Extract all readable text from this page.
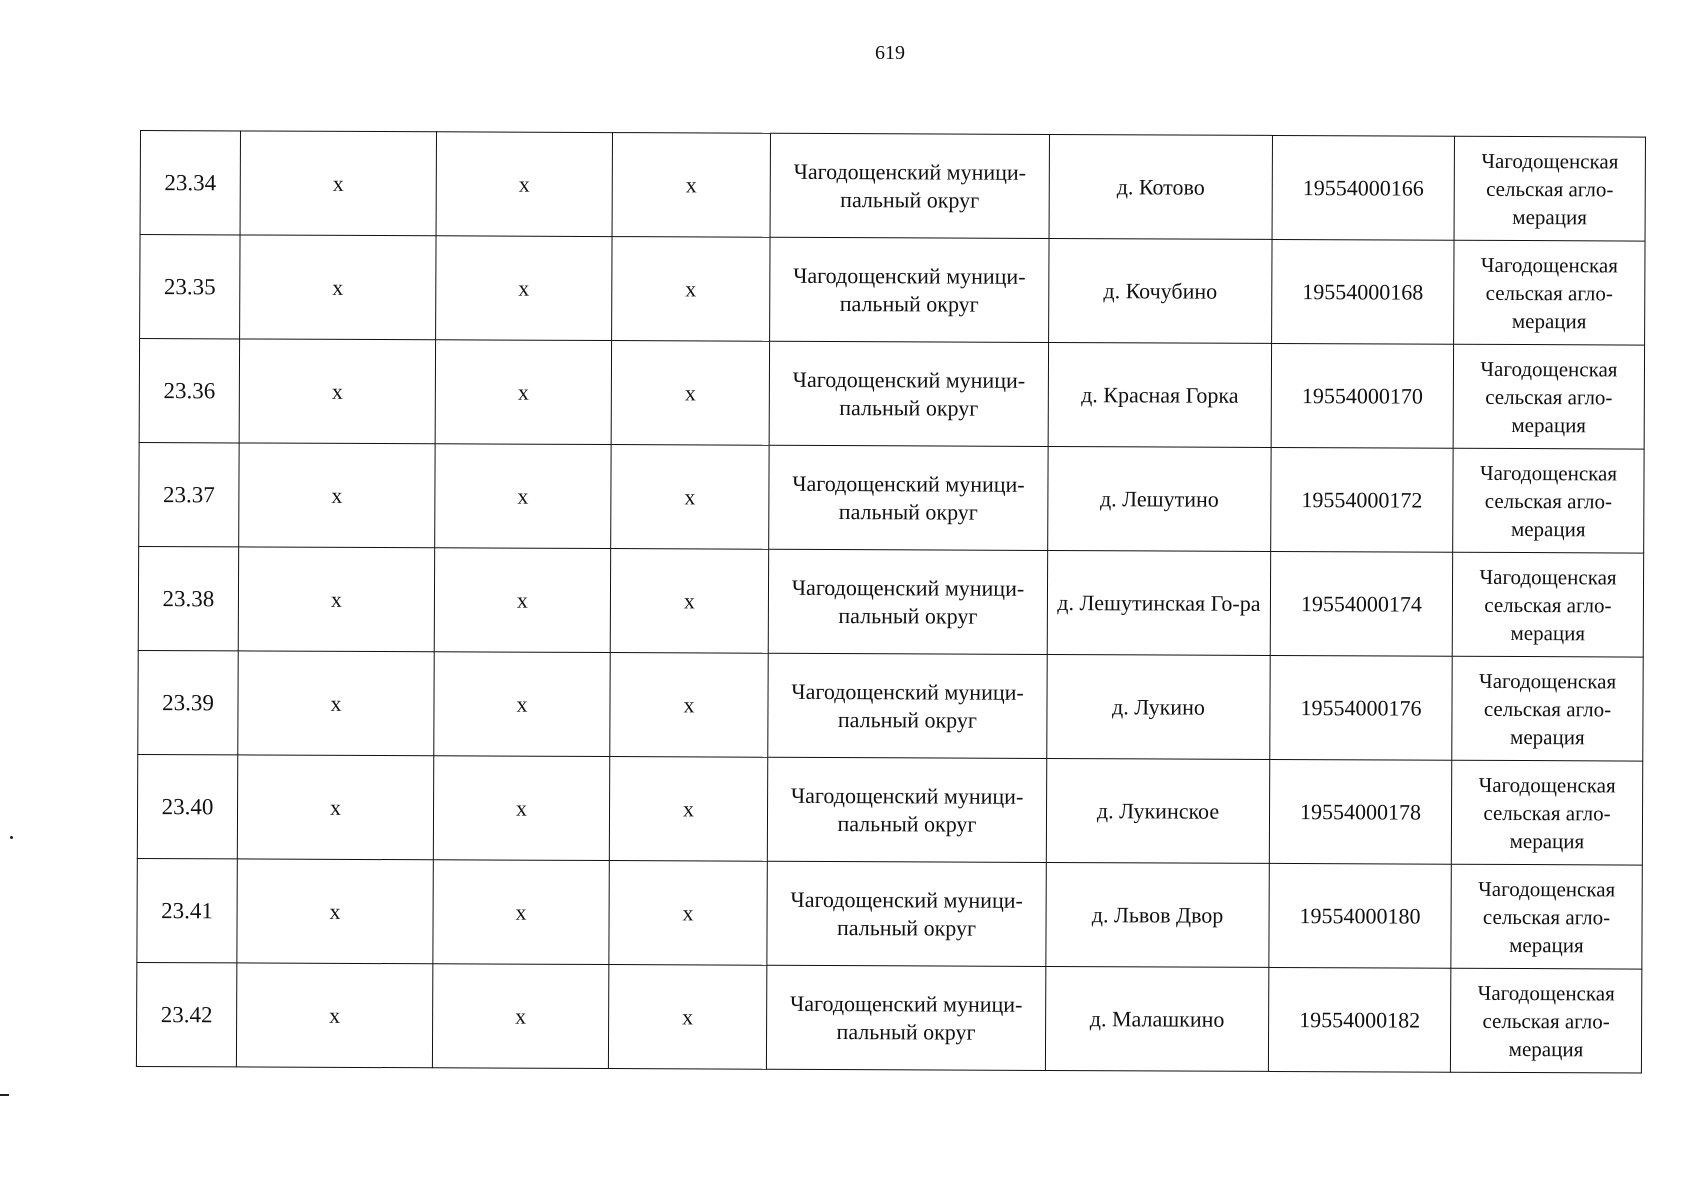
619
23.34	x	x	x	Чагодощенский муници-пальный округ	д. Котово	19554000166	Чагодощенская сельская агло-мерация
23.35	x	x	x	Чагодощенский муници-пальный округ	д. Кочубино	19554000168	Чагодощенская сельская агло-мерация
23.36	x	x	x	Чагодощенский муници-пальный округ	д. Красная Горка	19554000170	Чагодощенская сельская агло-мерация
23.37	x	x	x	Чагодощенский муници-пальный округ	д. Лешутино	19554000172	Чагодощенская сельская агло-мерация
23.38	x	x	x	Чагодощенский муници-пальный округ	д. Лешутинская Го-ра	19554000174	Чагодощенская сельская агло-мерация
23.39	x	x	x	Чагодощенский муници-пальный округ	д. Лукино	19554000176	Чагодощенская сельская агло-мерация
23.40	x	x	x	Чагодощенский муници-пальный округ	д. Лукинское	19554000178	Чагодощенская сельская агло-мерация
23.41	x	x	x	Чагодощенский муници-пальный округ	д. Львов Двор	19554000180	Чагодощенская сельская агло-мерация
23.42	x	x	x	Чагодощенский муници-пальный округ	д. Малашкино	19554000182	Чагодощенская сельская агло-мерация
